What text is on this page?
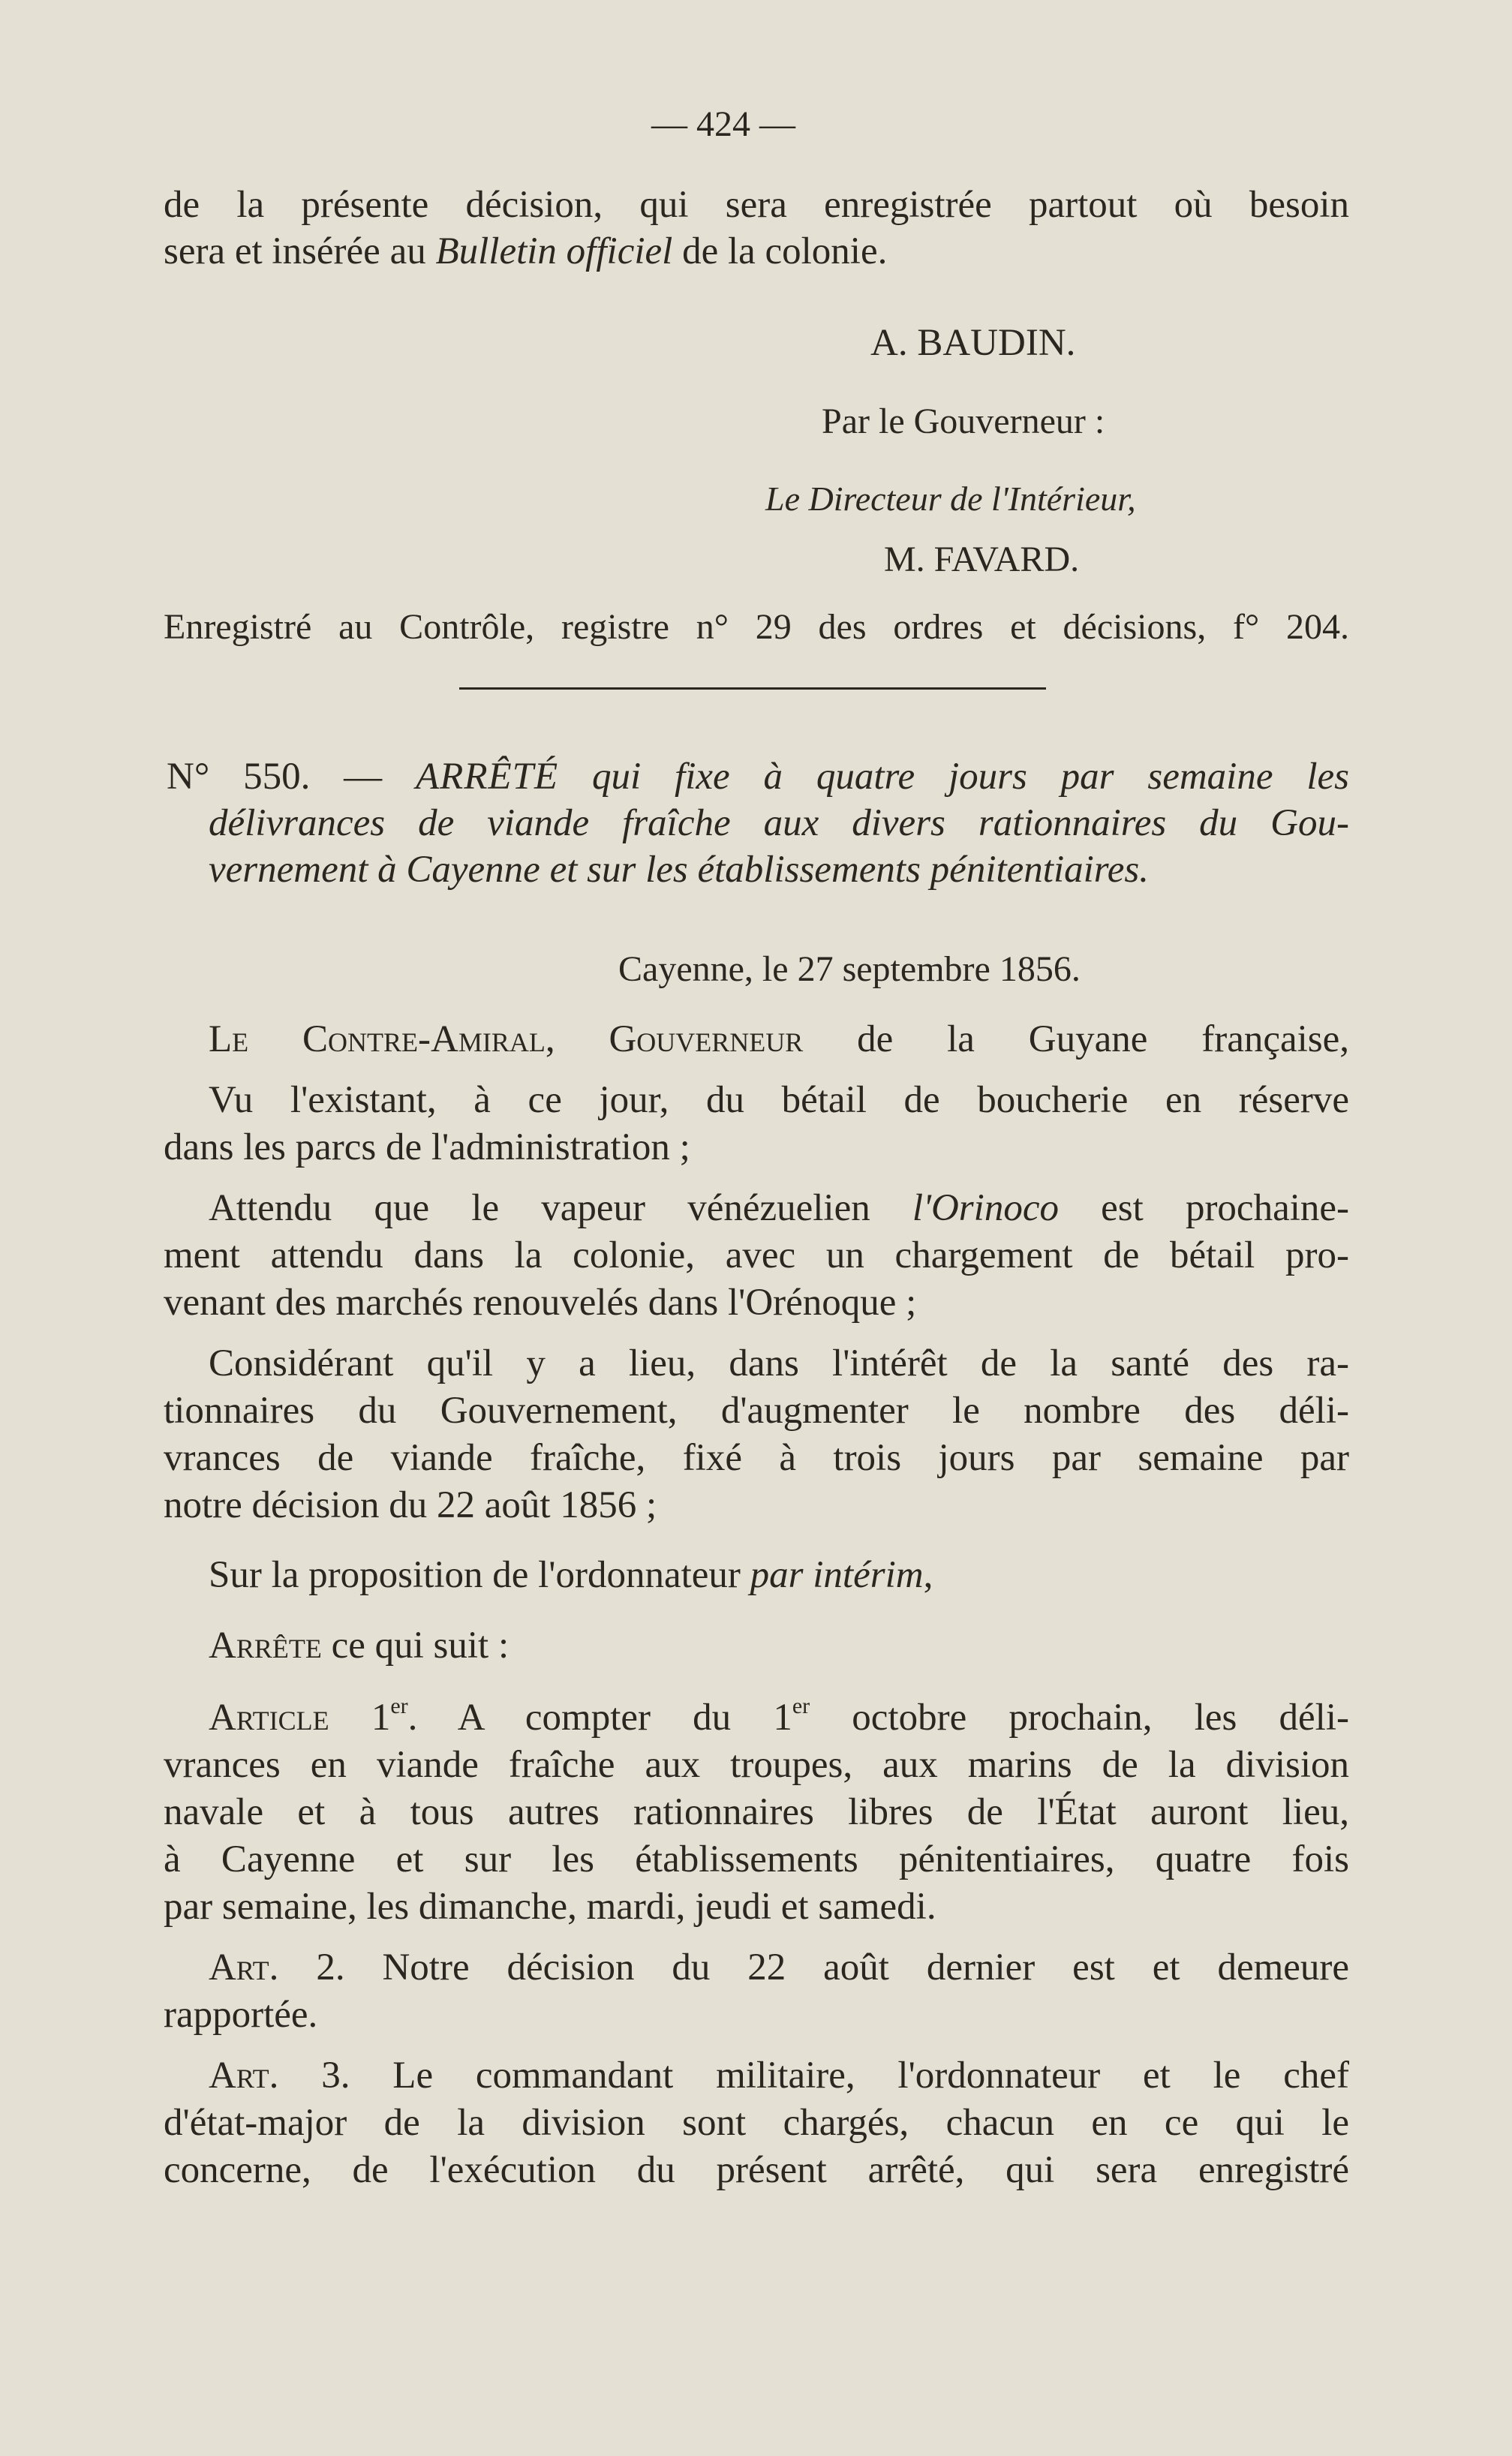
— 424 —
de la présente décision, qui sera enregistrée partout où besoin
sera et insérée au Bulletin officiel de la colonie.
A. BAUDIN.
Par le Gouverneur :
Le Directeur de l'Intérieur,
M. FAVARD.
Enregistré au Contrôle, registre n° 29 des ordres et décisions, f° 204.
N° 550. — ARRÊTÉ qui fixe à quatre jours par semaine les
délivrances de viande fraîche aux divers rationnaires du Gou-
vernement à Cayenne et sur les établissements pénitentiaires.
Cayenne, le 27 septembre 1856.
Le Contre-Amiral, Gouverneur de la Guyane française,
Vu l'existant, à ce jour, du bétail de boucherie en réserve
dans les parcs de l'administration ;
Attendu que le vapeur vénézuelien l'Orinoco est prochaine-
ment attendu dans la colonie, avec un chargement de bétail pro-
venant des marchés renouvelés dans l'Orénoque ;
Considérant qu'il y a lieu, dans l'intérêt de la santé des ra-
tionnaires du Gouvernement, d'augmenter le nombre des déli-
vrances de viande fraîche, fixé à trois jours par semaine par
notre décision du 22 août 1856 ;
Sur la proposition de l'ordonnateur par intérim,
Arrête ce qui suit :
Article 1er. A compter du 1er octobre prochain, les déli-
vrances en viande fraîche aux troupes, aux marins de la division
navale et à tous autres rationnaires libres de l'État auront lieu,
à Cayenne et sur les établissements pénitentiaires, quatre fois
par semaine, les dimanche, mardi, jeudi et samedi.
Art. 2. Notre décision du 22 août dernier est et demeure
rapportée.
Art. 3. Le commandant militaire, l'ordonnateur et le chef
d'état-major de la division sont chargés, chacun en ce qui le
concerne, de l'exécution du présent arrêté, qui sera enregistré
